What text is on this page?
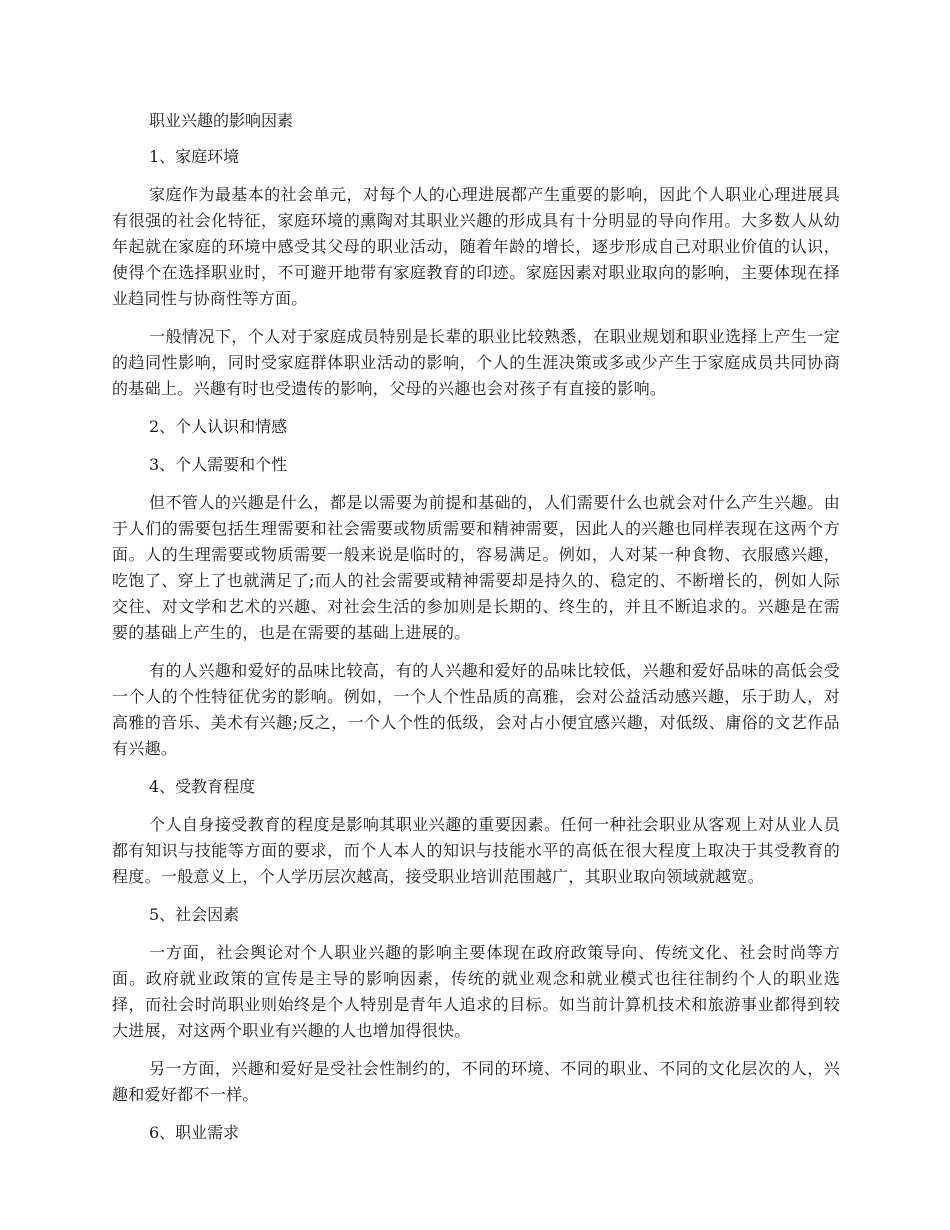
职业兴趣的影响因素

1、家庭环境

家庭作为最基本的社会单元，对每个人的心理进展都产生重要的影响，因此个人职业心理进展具有很强的社会化特征，家庭环境的熏陶对其职业兴趣的形成具有十分明显的导向作用。大多数人从幼年起就在家庭的环境中感受其父母的职业活动，随着年龄的增长，逐步形成自己对职业价值的认识，使得个在选择职业时，不可避开地带有家庭教育的印迹。家庭因素对职业取向的影响，主要体现在择业趋同性与协商性等方面。

一般情况下，个人对于家庭成员特别是长辈的职业比较熟悉，在职业规划和职业选择上产生一定的趋同性影响，同时受家庭群体职业活动的影响，个人的生涯决策或多或少产生于家庭成员共同协商的基础上。兴趣有时也受遗传的影响，父母的兴趣也会对孩子有直接的影响。

2、个人认识和情感

3、个人需要和个性

但不管人的兴趣是什么，都是以需要为前提和基础的，人们需要什么也就会对什么产生兴趣。由于人们的需要包括生理需要和社会需要或物质需要和精神需要，因此人的兴趣也同样表现在这两个方面。人的生理需要或物质需要一般来说是临时的，容易满足。例如，人对某一种食物、衣服感兴趣，吃饱了、穿上了也就满足了;而人的社会需要或精神需要却是持久的、稳定的、不断增长的，例如人际交往、对文学和艺术的兴趣、对社会生活的参加则是长期的、终生的，并且不断追求的。兴趣是在需要的基础上产生的，也是在需要的基础上进展的。

有的人兴趣和爱好的品味比较高，有的人兴趣和爱好的品味比较低，兴趣和爱好品味的高低会受一个人的个性特征优劣的影响。例如，一个人个性品质的高雅，会对公益活动感兴趣，乐于助人，对高雅的音乐、美术有兴趣;反之，一个人个性的低级，会对占小便宜感兴趣，对低级、庸俗的文艺作品有兴趣。

4、受教育程度

个人自身接受教育的程度是影响其职业兴趣的重要因素。任何一种社会职业从客观上对从业人员都有知识与技能等方面的要求，而个人本人的知识与技能水平的高低在很大程度上取决于其受教育的程度。一般意义上，个人学历层次越高，接受职业培训范围越广，其职业取向领域就越宽。

5、社会因素

一方面，社会舆论对个人职业兴趣的影响主要体现在政府政策导向、传统文化、社会时尚等方面。政府就业政策的宣传是主导的影响因素，传统的就业观念和就业模式也往往制约个人的职业选择，而社会时尚职业则始终是个人特别是青年人追求的目标。如当前计算机技术和旅游事业都得到较大进展，对这两个职业有兴趣的人也增加得很快。

另一方面，兴趣和爱好是受社会性制约的，不同的环境、不同的职业、不同的文化层次的人，兴趣和爱好都不一样。

6、职业需求
